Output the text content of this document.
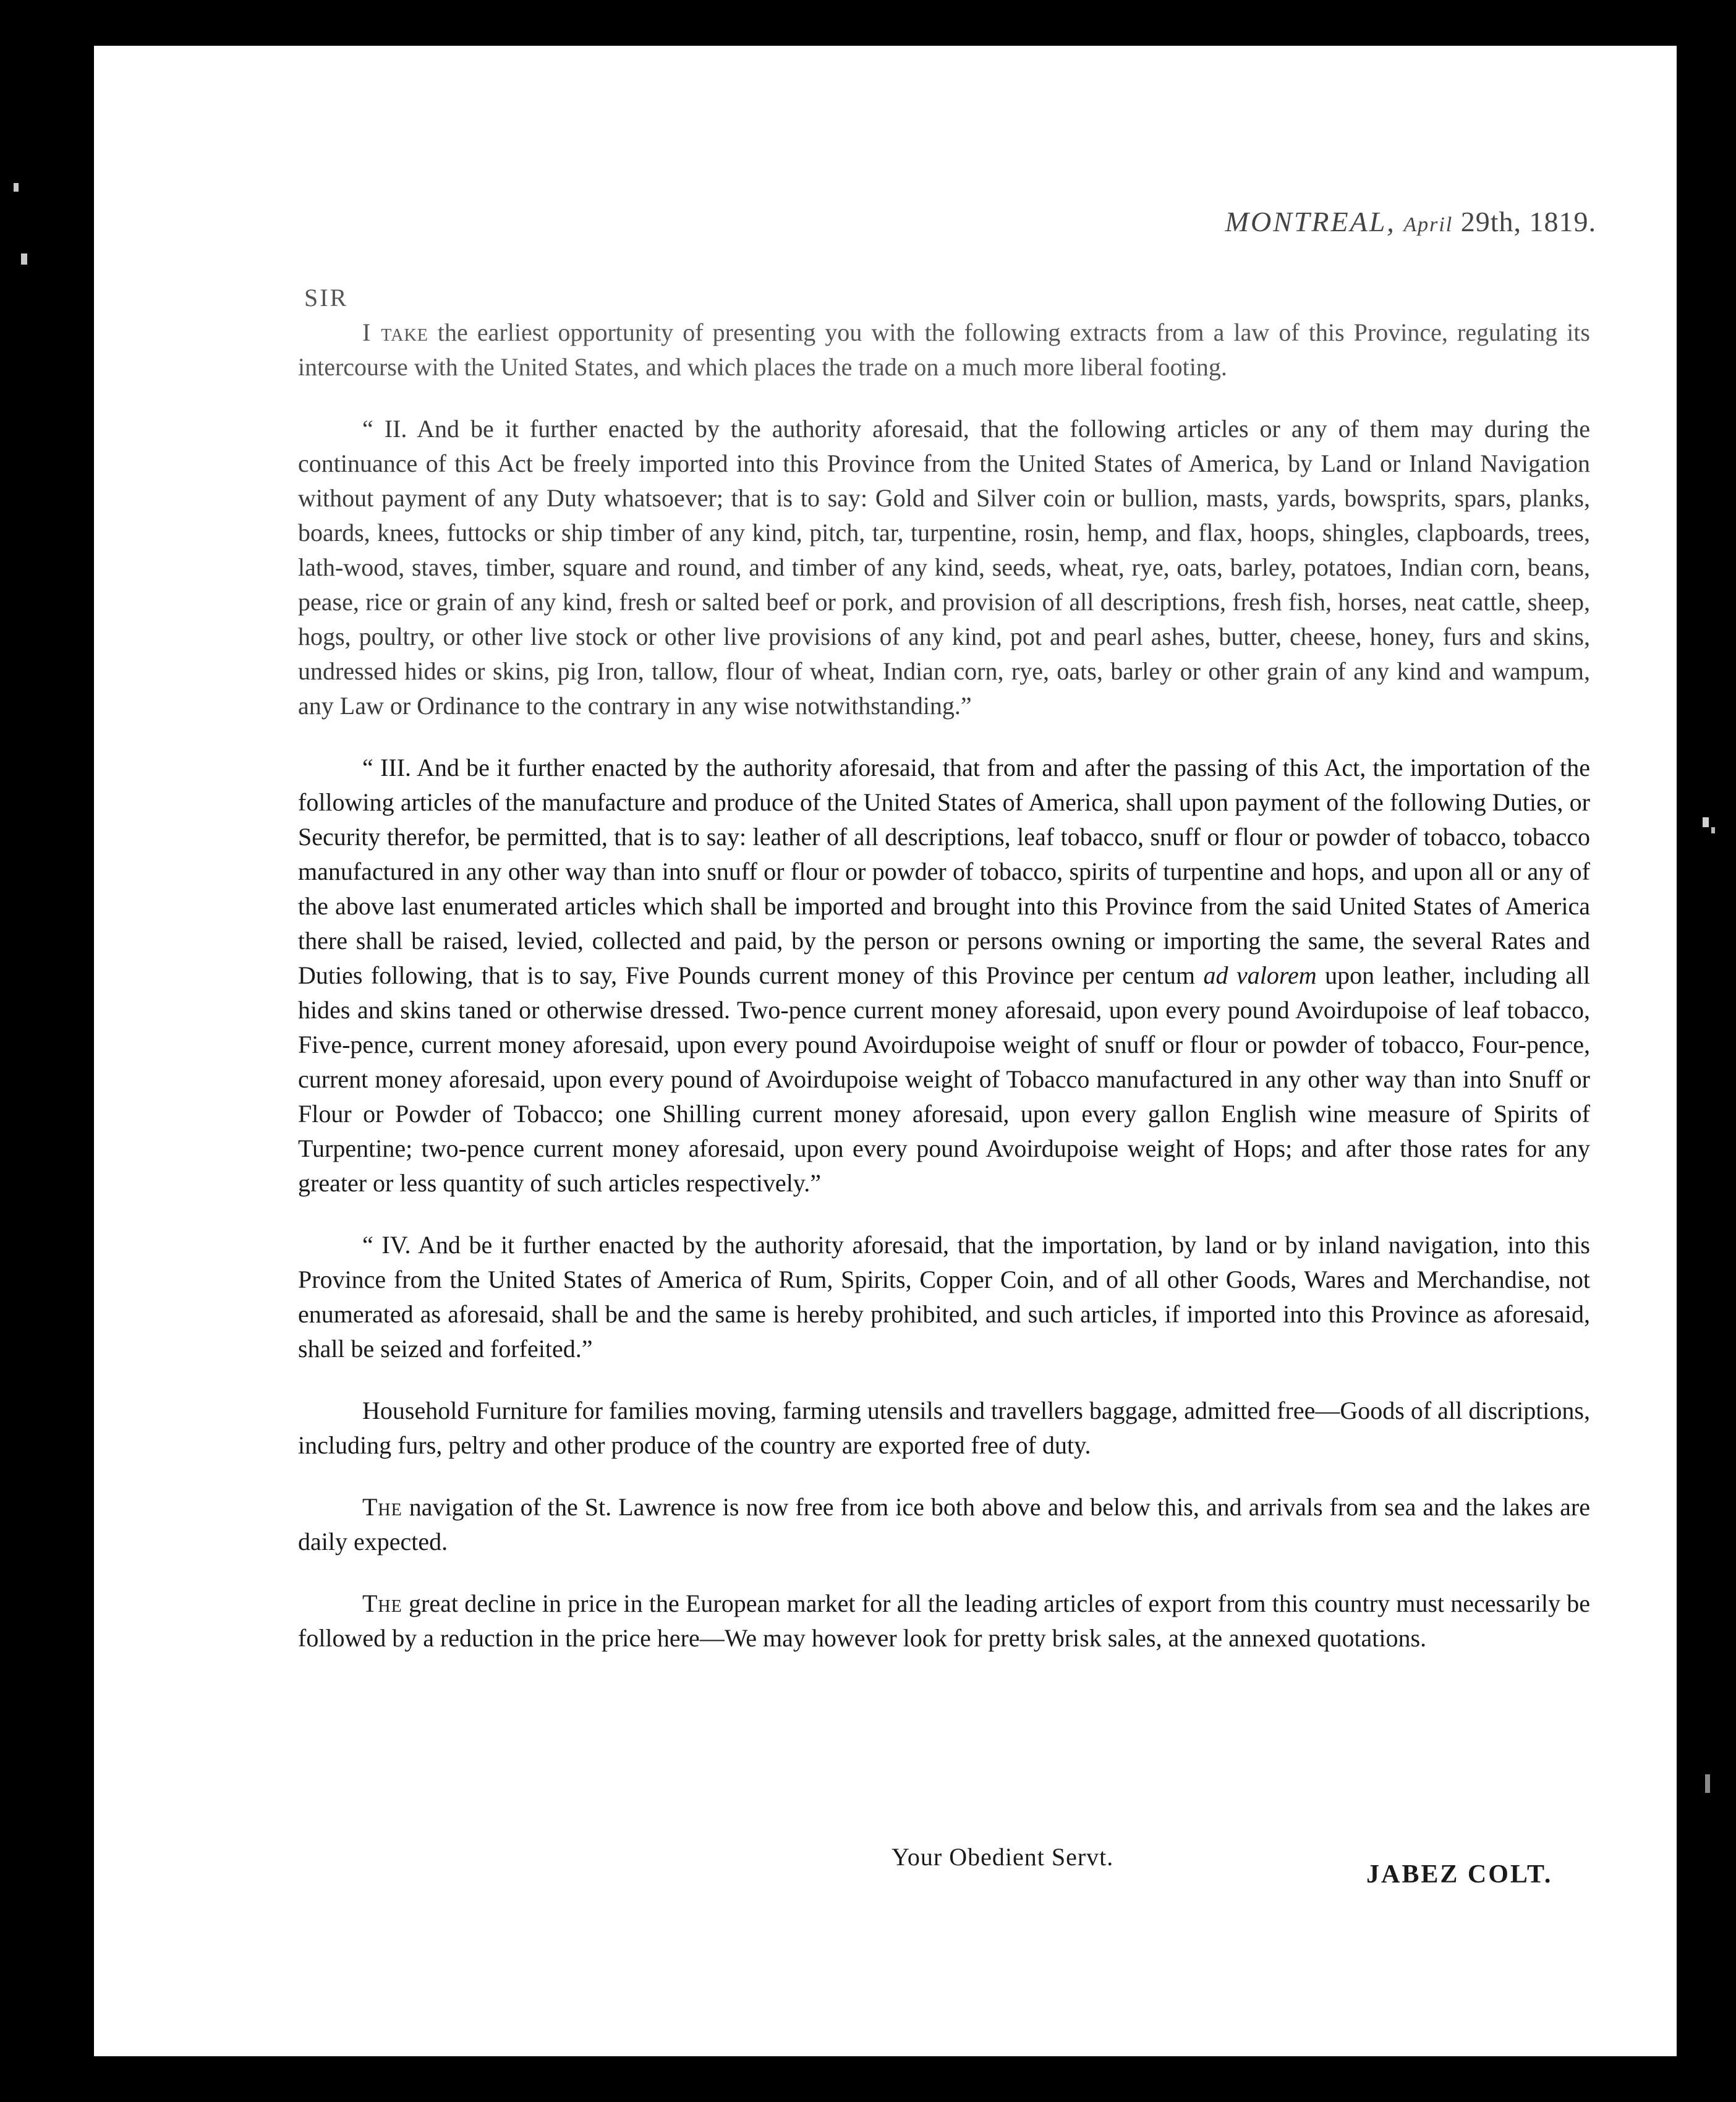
MONTREAL, April 29th, 1819.
SIR

I take the earliest opportunity of presenting you with the following extracts from a law of this Province, regulating its intercourse with the United States, and which places the trade on a much more liberal footing.

“ II. And be it further enacted by the authority aforesaid, that the following articles or any of them may during the continuance of this Act be freely imported into this Province from the United States of America, by Land or Inland Navigation without payment of any Duty whatsoever; that is to say: Gold and Silver coin or bullion, masts, yards, bowsprits, spars, planks, boards, knees, futtocks or ship timber of any kind, pitch, tar, turpentine, rosin, hemp, and flax, hoops, shingles, clapboards, trees, lath-wood, staves, timber, square and round, and timber of any kind, seeds, wheat, rye, oats, barley, potatoes, Indian corn, beans, pease, rice or grain of any kind, fresh or salted beef or pork, and provision of all descriptions, fresh fish, horses, neat cattle, sheep, hogs, poultry, or other live stock or other live provisions of any kind, pot and pearl ashes, butter, cheese, honey, furs and skins, undressed hides or skins, pig Iron, tallow, flour of wheat, Indian corn, rye, oats, barley or other grain of any kind and wampum, any Law or Ordinance to the contrary in any wise notwithstanding.”

“ III. And be it further enacted by the authority aforesaid, that from and after the passing of this Act, the importation of the following articles of the manufacture and produce of the United States of America, shall upon payment of the following Duties, or Security therefor, be permitted, that is to say: leather of all descriptions, leaf tobacco, snuff or flour or powder of tobacco, tobacco manufactured in any other way than into snuff or flour or powder of tobacco, spirits of turpentine and hops, and upon all or any of the above last enumerated articles which shall be imported and brought into this Province from the said United States of America there shall be raised, levied, collected and paid, by the person or persons owning or importing the same, the several Rates and Duties following, that is to say, Five Pounds current money of this Province per centum ad valorem upon leather, including all hides and skins taned or otherwise dressed. Two-pence current money aforesaid, upon every pound Avoirdupoise of leaf tobacco, Five-pence, current money aforesaid, upon every pound Avoirdupoise weight of snuff or flour or powder of tobacco, Four-pence, current money aforesaid, upon every pound of Avoirdupoise weight of Tobacco manufactured in any other way than into Snuff or Flour or Powder of Tobacco; one Shilling current money aforesaid, upon every gallon English wine measure of Spirits of Turpentine; two-pence current money aforesaid, upon every pound Avoirdupoise weight of Hops; and after those rates for any greater or less quantity of such articles respectively.”

“ IV. And be it further enacted by the authority aforesaid, that the importation, by land or by inland navigation, into this Province from the United States of America of Rum, Spirits, Copper Coin, and of all other Goods, Wares and Merchandise, not enumerated as aforesaid, shall be and the same is hereby prohibited, and such articles, if imported into this Province as aforesaid, shall be seized and forfeited.”

Household Furniture for families moving, farming utensils and travellers baggage, admitted free—Goods of all discriptions, including furs, peltry and other produce of the country are exported free of duty.

The navigation of the St. Lawrence is now free from ice both above and below this, and arrivals from sea and the lakes are daily expected.

The great decline in price in the European market for all the leading articles of export from this country must necessarily be followed by a reduction in the price here—We may however look for pretty brisk sales, at the annexed quotations.

Your Obedient Servt.
JABEZ COLT.
